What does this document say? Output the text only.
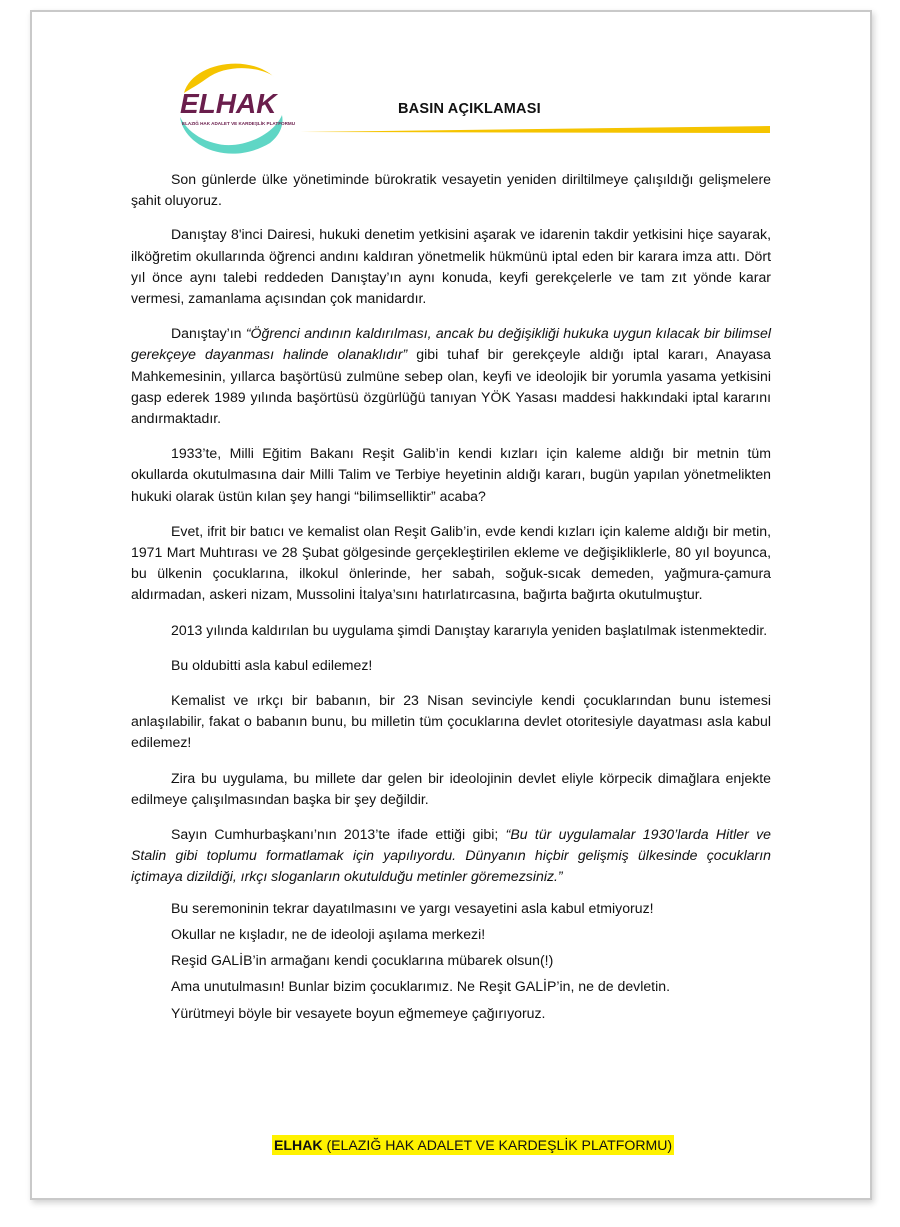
ELHAK
ELAZIĞ HAK ADALET VE KARDEŞLİK PLATFORMU
BASIN AÇIKLAMASI

Son günlerde ülke yönetiminde bürokratik vesayetin yeniden diriltilmeye çalışıldığı gelişmelere şahit oluyoruz.

Danıştay 8'inci Dairesi, hukuki denetim yetkisini aşarak ve idarenin takdir yetkisini hiçe sayarak, ilköğretim okullarında öğrenci andını kaldıran yönetmelik hükmünü iptal eden bir karara imza attı. Dört yıl önce aynı talebi reddeden Danıştay’ın aynı konuda, keyfi gerekçelerle ve tam zıt yönde karar vermesi, zamanlama açısından çok manidardır.

Danıştay’ın “Öğrenci andının kaldırılması, ancak bu değişikliği hukuka uygun kılacak bir bilimsel gerekçeye dayanması halinde olanaklıdır” gibi tuhaf bir gerekçeyle aldığı iptal kararı, Anayasa Mahkemesinin, yıllarca başörtüsü zulmüne sebep olan, keyfi ve ideolojik bir yorumla yasama yetkisini gasp ederek 1989 yılında başörtüsü özgürlüğü tanıyan YÖK Yasası maddesi hakkındaki iptal kararını andırmaktadır.

1933’te, Milli Eğitim Bakanı Reşit Galib’in kendi kızları için kaleme aldığı bir metnin tüm okullarda okutulmasına dair Milli Talim ve Terbiye heyetinin aldığı kararı, bugün yapılan yönetmelikten hukuki olarak üstün kılan şey hangi “bilimselliktir” acaba?

Evet, ifrit bir batıcı ve kemalist olan Reşit Galib’in, evde kendi kızları için kaleme aldığı bir metin, 1971 Mart Muhtırası ve 28 Şubat gölgesinde gerçekleştirilen ekleme ve değişikliklerle, 80 yıl boyunca, bu ülkenin çocuklarına, ilkokul önlerinde, her sabah, soğuk-sıcak demeden, yağmura-çamura aldırmadan, askeri nizam, Mussolini İtalya’sını hatırlatırcasına, bağırta bağırta okutulmuştur.

2013 yılında kaldırılan bu uygulama şimdi Danıştay kararıyla yeniden başlatılmak istenmektedir.

Bu oldubitti asla kabul edilemez!

Kemalist ve ırkçı bir babanın, bir 23 Nisan sevinciyle kendi çocuklarından bunu istemesi anlaşılabilir, fakat o babanın bunu, bu milletin tüm çocuklarına devlet otoritesiyle dayatması asla kabul edilemez!

Zira bu uygulama, bu millete dar gelen bir ideolojinin devlet eliyle körpecik dimağlara enjekte edilmeye çalışılmasından başka bir şey değildir.

Sayın Cumhurbaşkanı’nın 2013’te ifade ettiği gibi; “Bu tür uygulamalar 1930’larda Hitler ve Stalin gibi toplumu formatlamak için yapılıyordu. Dünyanın hiçbir gelişmiş ülkesinde çocukların içtimaya dizildiği, ırkçı sloganların okutulduğu metinler göremezsiniz.”

Bu seremoninin tekrar dayatılmasını ve yargı vesayetini asla kabul etmiyoruz!

Okullar ne kışladır, ne de ideoloji aşılama merkezi!

Reşid GALİB’in armağanı kendi çocuklarına mübarek olsun(!)

Ama unutulmasın! Bunlar bizim çocuklarımız. Ne Reşit GALİP’in, ne de devletin.

Yürütmeyi böyle bir vesayete boyun eğmemeye çağırıyoruz.

ELHAK (ELAZIĞ HAK ADALET VE KARDEŞLİK PLATFORMU)
